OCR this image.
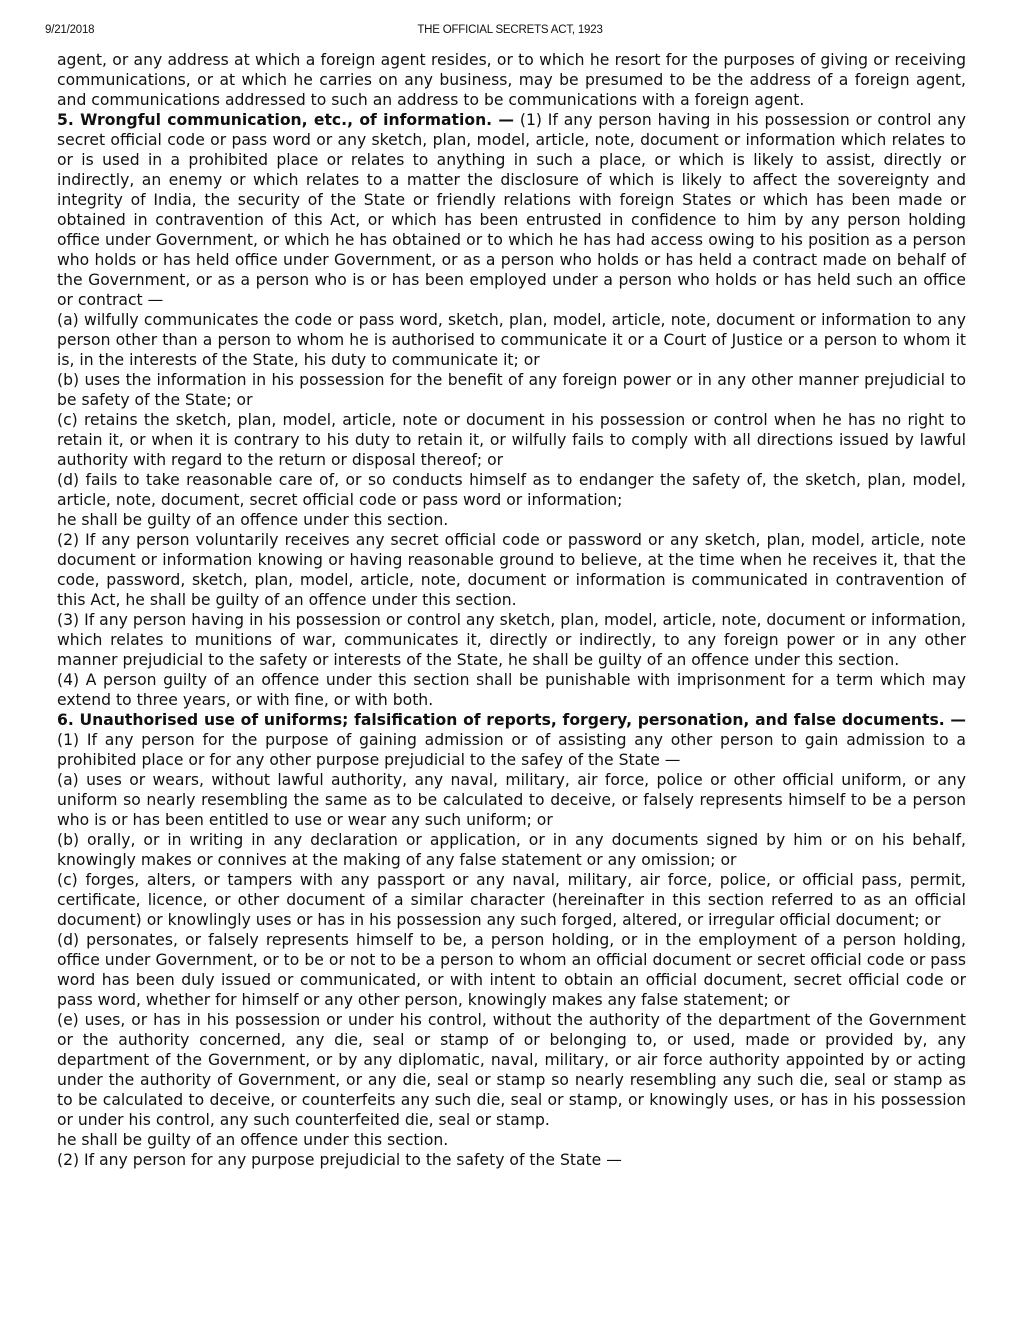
9/21/2018	THE OFFICIAL SECRETS ACT, 1923

agent, or any address at which a foreign agent resides, or to which he resort for the purposes of giving or receiving communications, or at which he carries on any business, may be presumed to be the address of a foreign agent, and communications addressed to such an address to be communications with a foreign agent.

5. Wrongful communication, etc., of information. — (1) If any person having in his possession or control any secret official code or pass word or any sketch, plan, model, article, note, document or information which relates to or is used in a prohibited place or relates to anything in such a place, or which is likely to assist, directly or indirectly, an enemy or which relates to a matter the disclosure of which is likely to affect the sovereignty and integrity of India, the security of the State or friendly relations with foreign States or which has been made or obtained in contravention of this Act, or which has been entrusted in confidence to him by any person holding office under Government, or which he has obtained or to which he has had access owing to his position as a person who holds or has held office under Government, or as a person who holds or has held a contract made on behalf of the Government, or as a person who is or has been employed under a person who holds or has held such an office or contract —

(a) wilfully communicates the code or pass word, sketch, plan, model, article, note, document or information to any person other than a person to whom he is authorised to communicate it or a Court of Justice or a person to whom it is, in the interests of the State, his duty to communicate it; or

(b) uses the information in his possession for the benefit of any foreign power or in any other manner prejudicial to be safety of the State; or

(c) retains the sketch, plan, model, article, note or document in his possession or control when he has no right to retain it, or when it is contrary to his duty to retain it, or wilfully fails to comply with all directions issued by lawful authority with regard to the return or disposal thereof; or

(d) fails to take reasonable care of, or so conducts himself as to endanger the safety of, the sketch, plan, model, article, note, document, secret official code or pass word or information;

he shall be guilty of an offence under this section.

(2) If any person voluntarily receives any secret official code or password or any sketch, plan, model, article, note document or information knowing or having reasonable ground to believe, at the time when he receives it, that the code, password, sketch, plan, model, article, note, document or information is communicated in contravention of this Act, he shall be guilty of an offence under this section.

(3) If any person having in his possession or control any sketch, plan, model, article, note, document or information, which relates to munitions of war, communicates it, directly or indirectly, to any foreign power or in any other manner prejudicial to the safety or interests of the State, he shall be guilty of an offence under this section.

(4) A person guilty of an offence under this section shall be punishable with imprisonment for a term which may extend to three years, or with fine, or with both.

6. Unauthorised use of uniforms; falsification of reports, forgery, personation, and false documents. — (1) If any person for the purpose of gaining admission or of assisting any other person to gain admission to a prohibited place or for any other purpose prejudicial to the safey of the State —

(a) uses or wears, without lawful authority, any naval, military, air force, police or other official uniform, or any uniform so nearly resembling the same as to be calculated to deceive, or falsely represents himself to be a person who is or has been entitled to use or wear any such uniform; or

(b) orally, or in writing in any declaration or application, or in any documents signed by him or on his behalf, knowingly makes or connives at the making of any false statement or any omission; or

(c) forges, alters, or tampers with any passport or any naval, military, air force, police, or official pass, permit, certificate, licence, or other document of a similar character (hereinafter in this section referred to as an official document) or knowlingly uses or has in his possession any such forged, altered, or irregular official document; or

(d) personates, or falsely represents himself to be, a person holding, or in the employment of a person holding, office under Government, or to be or not to be a person to whom an official document or secret official code or pass word has been duly issued or communicated, or with intent to obtain an official document, secret official code or pass word, whether for himself or any other person, knowingly makes any false statement; or

(e) uses, or has in his possession or under his control, without the authority of the department of the Government or the authority concerned, any die, seal or stamp of or belonging to, or used, made or provided by, any department of the Government, or by any diplomatic, naval, military, or air force authority appointed by or acting under the authority of Government, or any die, seal or stamp so nearly resembling any such die, seal or stamp as to be calculated to deceive, or counterfeits any such die, seal or stamp, or knowingly uses, or has in his possession or under his control, any such counterfeited die, seal or stamp.

he shall be guilty of an offence under this section.

(2) If any person for any purpose prejudicial to the safety of the State —
